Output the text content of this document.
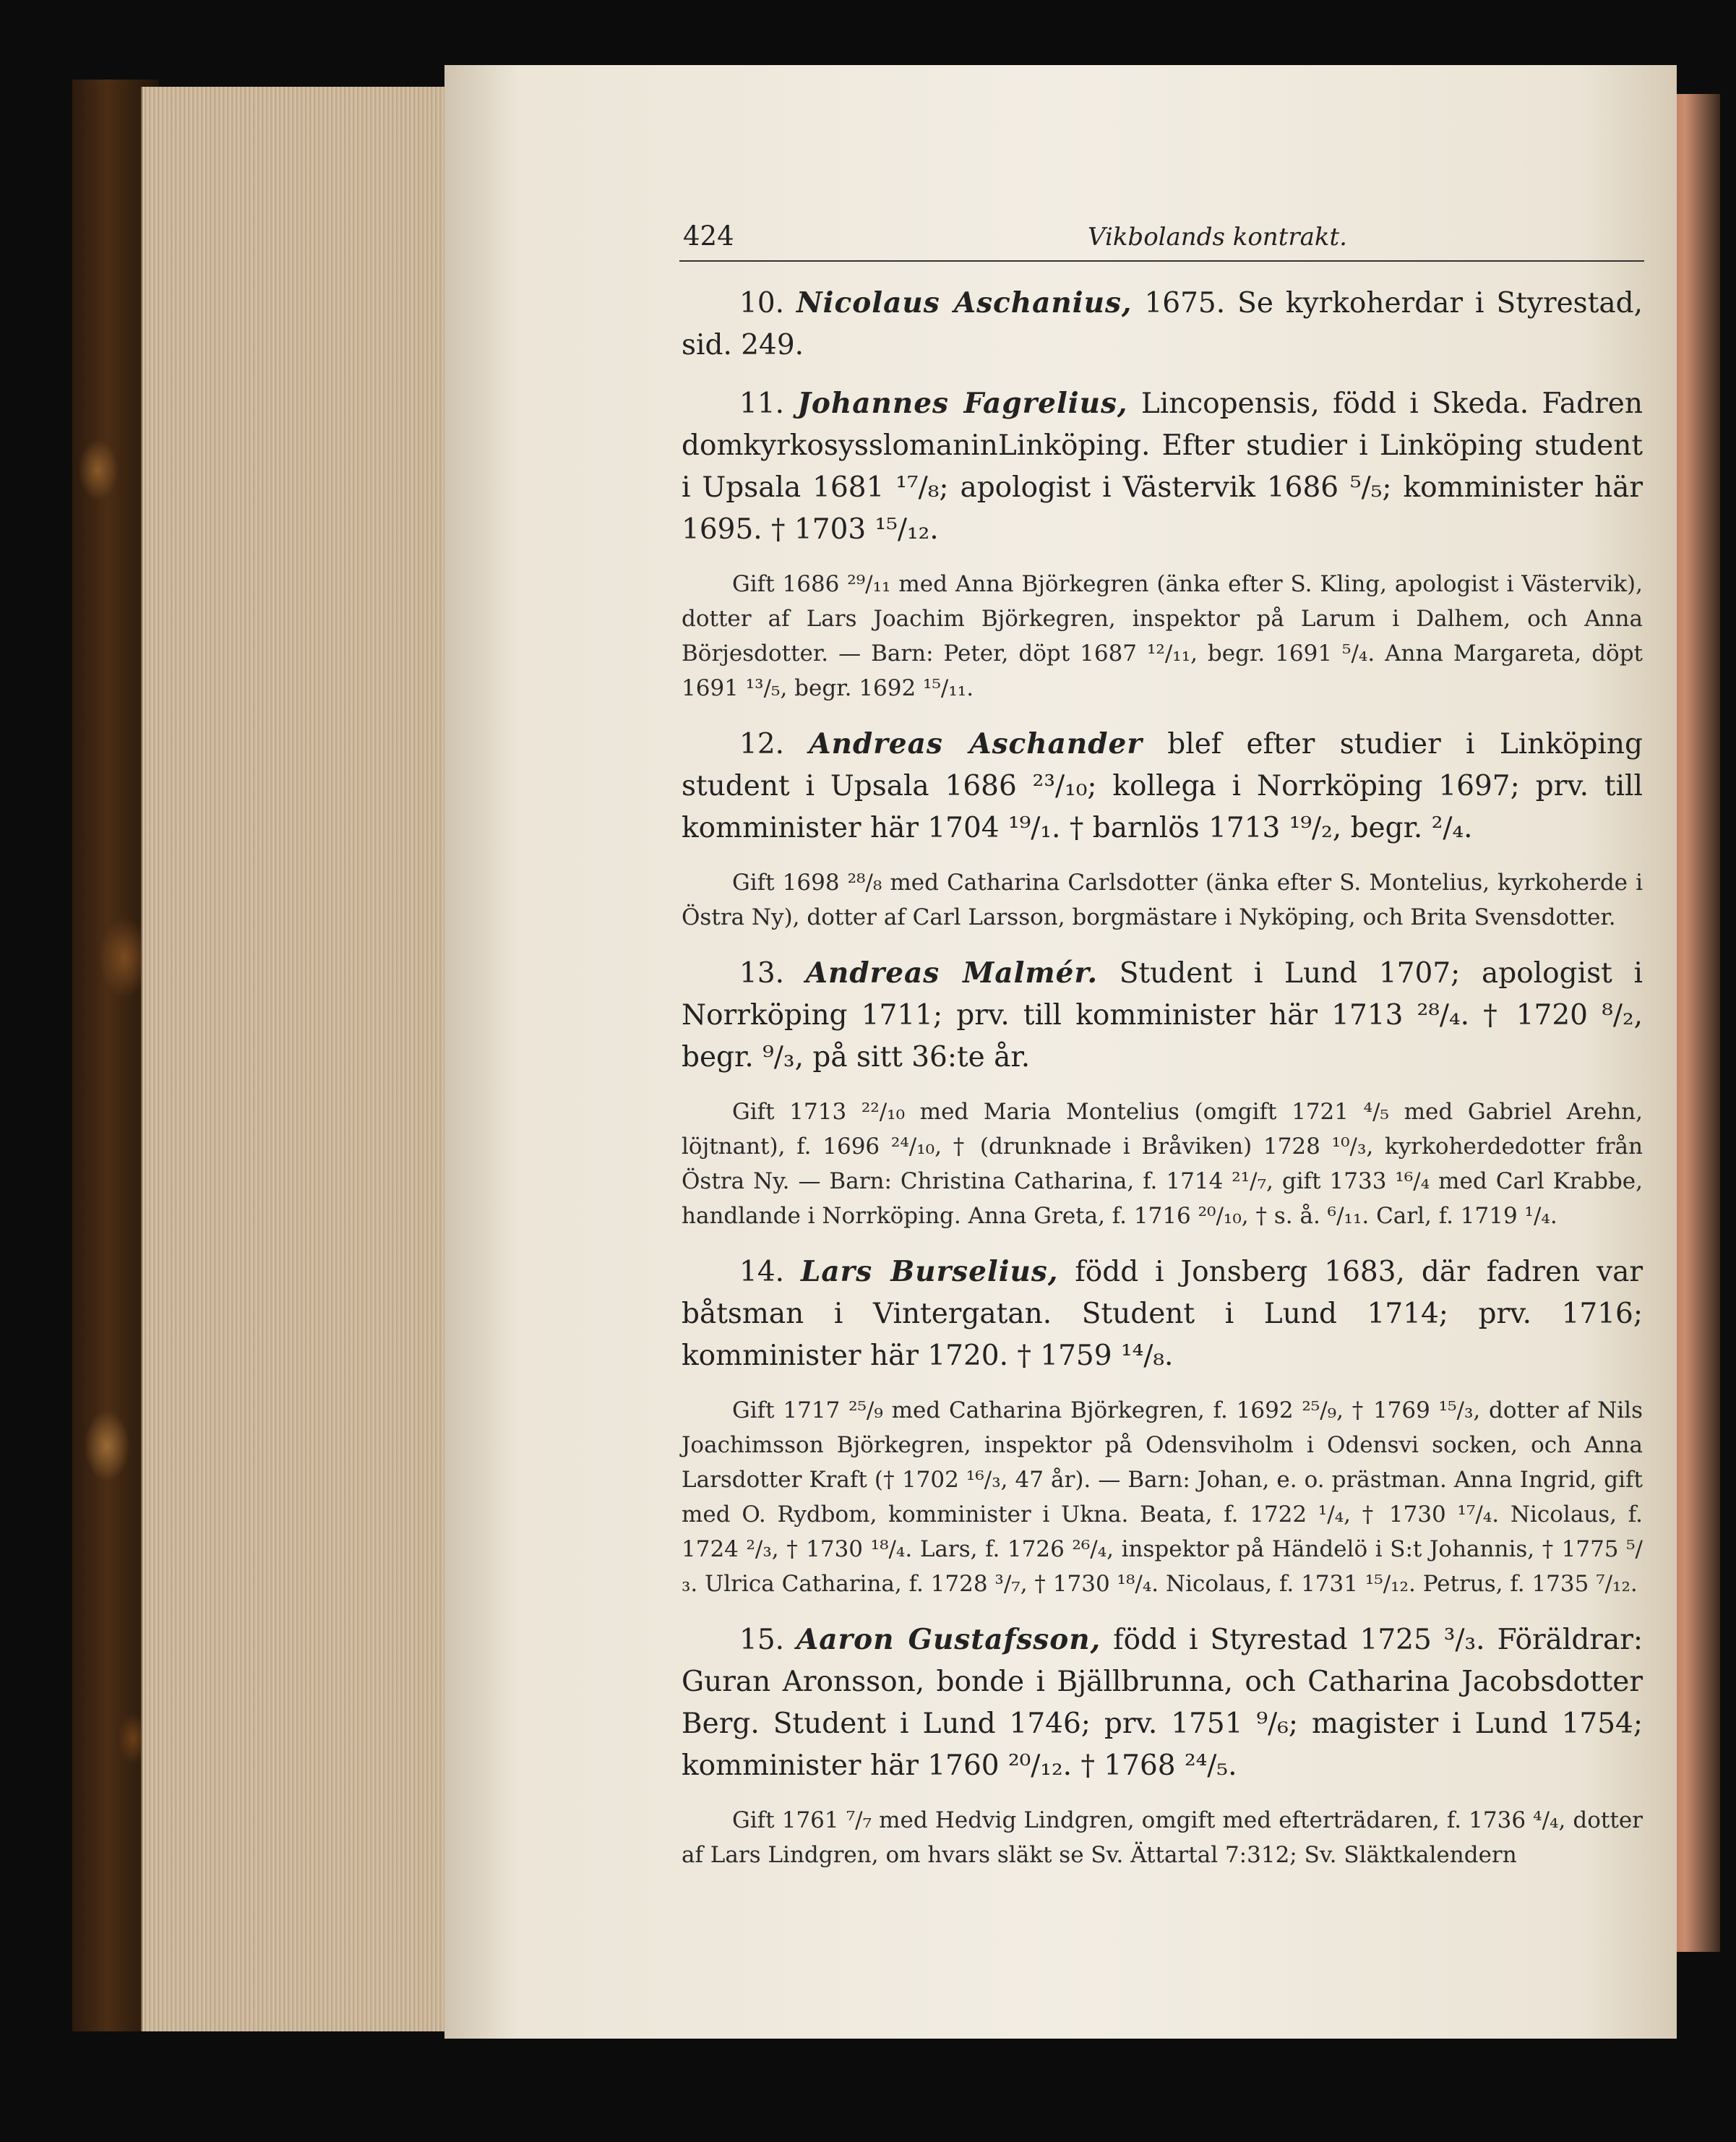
424	Vikbolands kontrakt.

10. Nicolaus Aschanius, 1675. Se kyrkoherdar i Styrestad, sid. 249.

11. Johannes Fagrelius, Lincopensis, född i Skeda. Fadren domkyrkosysslomaninLinköping. Efter studier i Linköping student i Upsala 1681 ¹⁷/₈; apologist i Västervik 1686 ⁵/₅; komminister här 1695. † 1703 ¹⁵/₁₂.

Gift 1686 ²⁹/₁₁ med Anna Björkegren (änka efter S. Kling, apologist i Västervik), dotter af Lars Joachim Björkegren, inspektor på Larum i Dalhem, och Anna Börjesdotter. — Barn: Peter, döpt 1687 ¹²/₁₁, begr. 1691 ⁵/₄. Anna Margareta, döpt 1691 ¹³/₅, begr. 1692 ¹⁵/₁₁.

12. Andreas Aschander blef efter studier i Linköping student i Upsala 1686 ²³/₁₀; kollega i Norrköping 1697; prv. till komminister här 1704 ¹⁹/₁. † barnlös 1713 ¹⁹/₂, begr. ²/₄.

Gift 1698 ²⁸/₈ med Catharina Carlsdotter (änka efter S. Montelius, kyrkoherde i Östra Ny), dotter af Carl Larsson, borgmästare i Nyköping, och Brita Svensdotter.

13. Andreas Malmér. Student i Lund 1707; apologist i Norrköping 1711; prv. till komminister här 1713 ²⁸/₄. † 1720 ⁸/₂, begr. ⁹/₃, på sitt 36:te år.

Gift 1713 ²²/₁₀ med Maria Montelius (omgift 1721 ⁴/₅ med Gabriel Arehn, löjtnant), f. 1696 ²⁴/₁₀, † (drunknade i Bråviken) 1728 ¹⁰/₃, kyrkoherdedotter från Östra Ny. — Barn: Christina Catharina, f. 1714 ²¹/₇, gift 1733 ¹⁶/₄ med Carl Krabbe, handlande i Norrköping. Anna Greta, f. 1716 ²⁰/₁₀, † s. å. ⁶/₁₁. Carl, f. 1719 ¹/₄.

14. Lars Burselius, född i Jonsberg 1683, där fadren var båtsman i Vintergatan. Student i Lund 1714; prv. 1716; komminister här 1720. † 1759 ¹⁴/₈.

Gift 1717 ²⁵/₉ med Catharina Björkegren, f. 1692 ²⁵/₉, † 1769 ¹⁵/₃, dotter af Nils Joachimsson Björkegren, inspektor på Odensviholm i Odensvi socken, och Anna Larsdotter Kraft († 1702 ¹⁶/₃, 47 år). — Barn: Johan, e. o. prästman. Anna Ingrid, gift med O. Rydbom, komminister i Ukna. Beata, f. 1722 ¹/₄, † 1730 ¹⁷/₄. Nicolaus, f. 1724 ²/₃, † 1730 ¹⁸/₄. Lars, f. 1726 ²⁶/₄, inspektor på Händelö i S:t Johannis, † 1775 ⁵/₃. Ulrica Catharina, f. 1728 ³/₇, † 1730 ¹⁸/₄. Nicolaus, f. 1731 ¹⁵/₁₂. Petrus, f. 1735 ⁷/₁₂.

15. Aaron Gustafsson, född i Styrestad 1725 ³/₃. Föräldrar: Guran Aronsson, bonde i Bjällbrunna, och Catharina Jacobsdotter Berg. Student i Lund 1746; prv. 1751 ⁹/₆; magister i Lund 1754; komminister här 1760 ²⁰/₁₂. † 1768 ²⁴/₅.

Gift 1761 ⁷/₇ med Hedvig Lindgren, omgift med efterträdaren, f. 1736 ⁴/₄, dotter af Lars Lindgren, om hvars släkt se Sv. Ättartal 7:312; Sv. Släktkalendern
